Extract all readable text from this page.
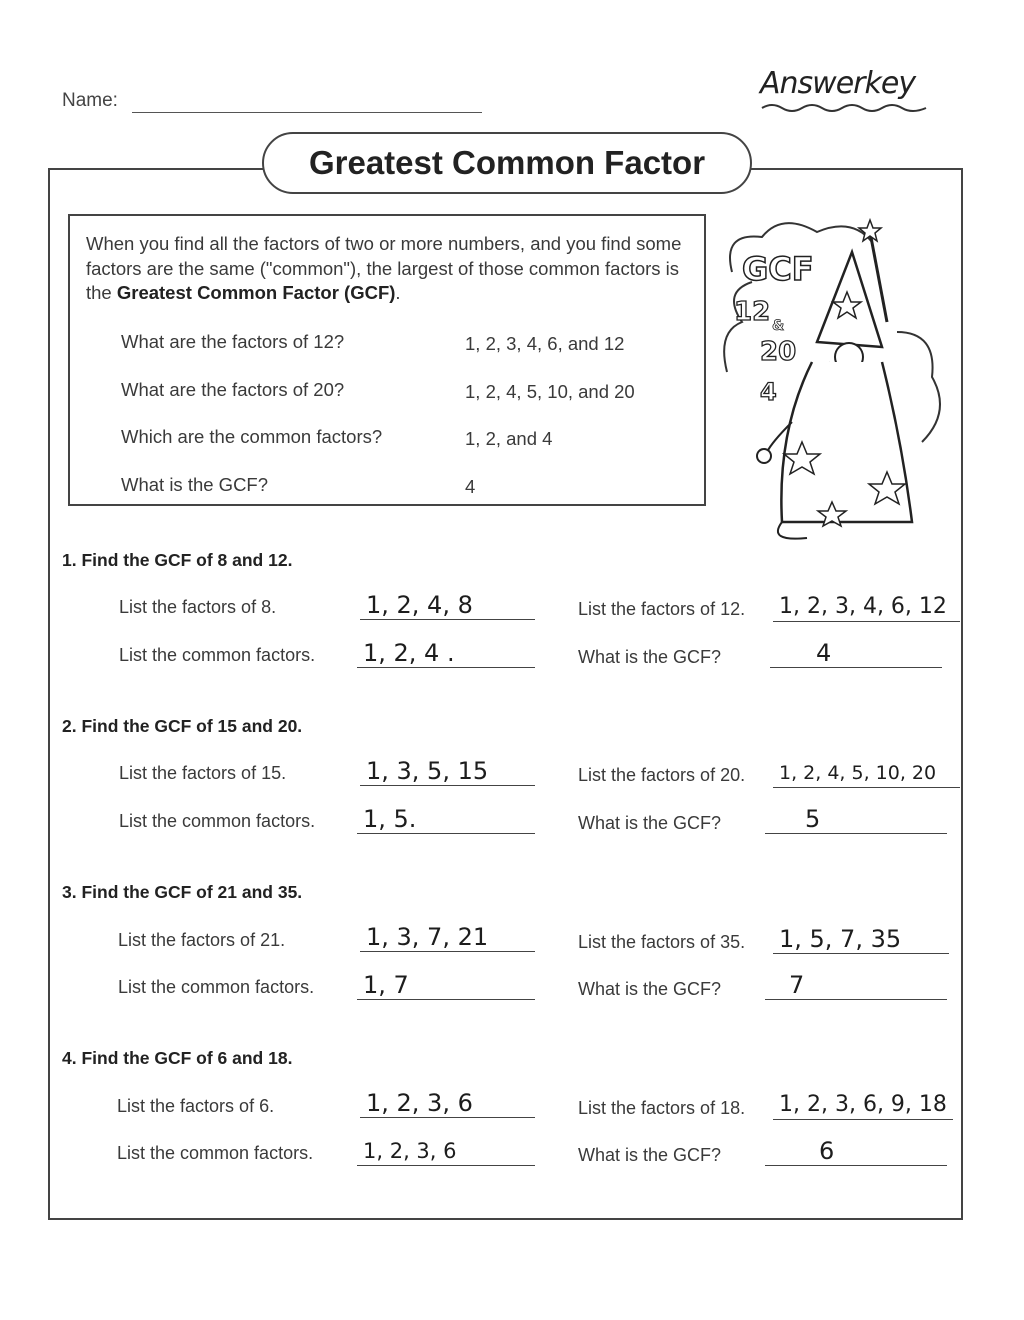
Name:	Answerkey
Greatest Common Factor
When you find all the factors of two or more numbers, and you find some factors are the same ("common"), the largest of those common factors is the Greatest Common Factor (GCF).
What are the factors of 12?	1, 2, 3, 4, 6, and 12
What are the factors of 20?	1, 2, 4, 5, 10, and 20
Which are the common factors?	1, 2, and 4
What is the GCF?	4
GCF
12 &
20
4
1. Find the GCF of 8 and 12.
List the factors of 8.	1, 2, 4, 8	List the factors of 12. 1, 2, 3, 4, 6, 12
List the common factors. 1, 2, 4 .	What is the GCF?	4
2. Find the GCF of 15 and 20.
List the factors of 15.	1, 3, 5, 15	List the factors of 20.	1, 2, 4, 5, 10, 20
List the common factors. 1, 5.	What is the GCF?	5
3. Find the GCF of 21 and 35.
List the factors of 21.	1, 3, 7, 21	List the factors of 35. 1, 5, 7, 35
List the common factors. 1, 7	What is the GCF?	7
4. Find the GCF of 6 and 18.
List the factors of 6.	1, 2, 3, 6	List the factors of 18. 1, 2, 3, 6, 9, 18
List the common factors. 1, 2, 3, 6	What is the GCF?	6
